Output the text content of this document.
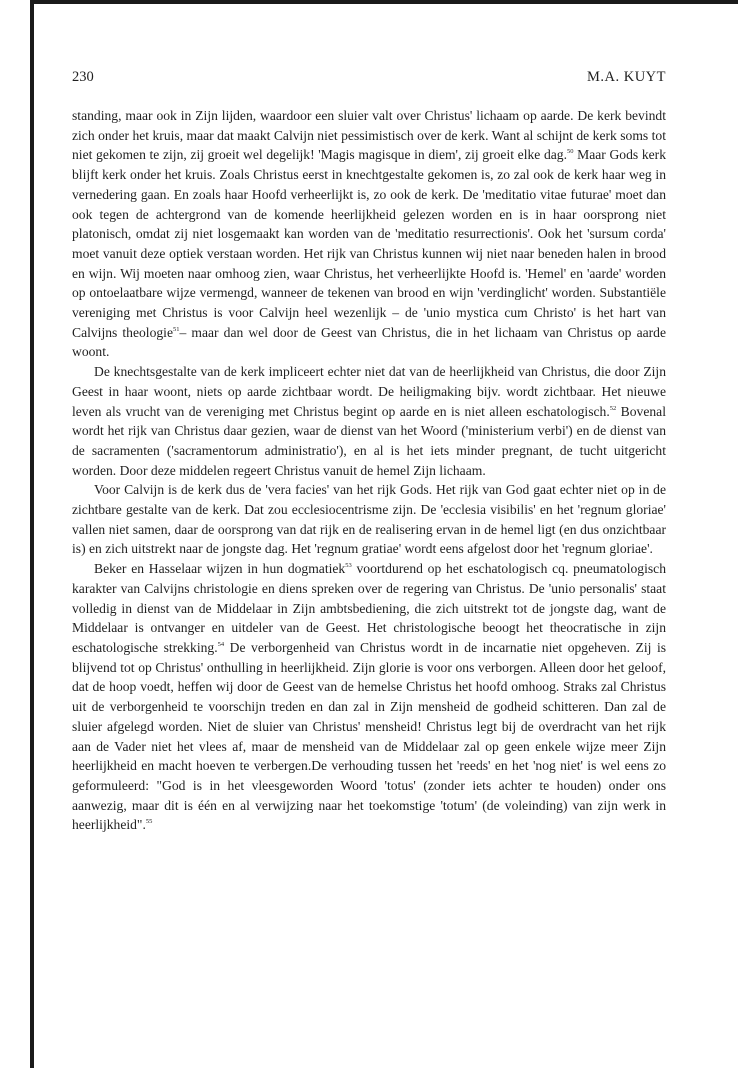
230	M.A. KUYT

standing, maar ook in Zijn lijden, waardoor een sluier valt over Christus' lichaam op aarde. De kerk bevindt zich onder het kruis, maar dat maakt Calvijn niet pessimistisch over de kerk. Want al schijnt de kerk soms tot niet gekomen te zijn, zij groeit wel degelijk! 'Magis magisque in diem', zij groeit elke dag.$^{50}$ Maar Gods kerk blijft kerk onder het kruis. Zoals Christus eerst in knechtgestalte gekomen is, zo zal ook de kerk haar weg in vernedering gaan. En zoals haar Hoofd verheerlijkt is, zo ook de kerk. De 'meditatio vitae futurae' moet dan ook tegen de achtergrond van de komende heerlijkheid gelezen worden en is in haar oorsprong niet platonisch, omdat zij niet losgemaakt kan worden van de 'meditatio resurrectionis'. Ook het 'sursum corda' moet vanuit deze optiek verstaan worden. Het rijk van Christus kunnen wij niet naar beneden halen in brood en wijn. Wij moeten naar omhoog zien, waar Christus, het verheerlijkte Hoofd is. 'Hemel' en 'aarde' worden op ontoelaatbare wijze vermengd, wanneer de tekenen van brood en wijn 'verdinglicht' worden. Substantiële vereniging met Christus is voor Calvijn heel wezenlijk – de 'unio mystica cum Christo' is het hart van Calvijns theologie$^{51}$– maar dan wel door de Geest van Christus, die in het lichaam van Christus op aarde woont.

De knechtsgestalte van de kerk impliceert echter niet dat van de heerlijkheid van Christus, die door Zijn Geest in haar woont, niets op aarde zichtbaar wordt. De heiligmaking bijv. wordt zichtbaar. Het nieuwe leven als vrucht van de vereniging met Christus begint op aarde en is niet alleen eschatologisch.$^{52}$ Bovenal wordt het rijk van Christus daar gezien, waar de dienst van het Woord ('ministerium verbi') en de dienst van de sacramenten ('sacramentorum administratio'), en al is het iets minder pregnant, de tucht uitgericht worden. Door deze middelen regeert Christus vanuit de hemel Zijn lichaam.

Voor Calvijn is de kerk dus de 'vera facies' van het rijk Gods. Het rijk van God gaat echter niet op in de zichtbare gestalte van de kerk. Dat zou ecclesiocentrisme zijn. De 'ecclesia visibilis' en het 'regnum gloriae' vallen niet samen, daar de oorsprong van dat rijk en de realisering ervan in de hemel ligt (en dus onzichtbaar is) en zich uitstrekt naar de jongste dag. Het 'regnum gratiae' wordt eens afgelost door het 'regnum gloriae'.

Beker en Hasselaar wijzen in hun dogmatiek$^{53}$ voortdurend op het eschatologisch cq. pneumatologisch karakter van Calvijns christologie en diens spreken over de regering van Christus. De 'unio personalis' staat volledig in dienst van de Middelaar in Zijn ambtsbediening, die zich uitstrekt tot de jongste dag, want de Middelaar is ontvanger en uitdeler van de Geest. Het christologische beoogt het theocratische in zijn eschatologische strekking.$^{54}$ De verborgenheid van Christus wordt in de incarnatie niet opgeheven. Zij is blijvend tot op Christus' onthulling in heerlijkheid. Zijn glorie is voor ons verborgen. Alleen door het geloof, dat de hoop voedt, heffen wij door de Geest van de hemelse Christus het hoofd omhoog. Straks zal Christus uit de verborgenheid te voorschijn treden en dan zal in Zijn mensheid de godheid schitteren. Dan zal de sluier afgelegd worden. Niet de sluier van Christus' mensheid! Christus legt bij de overdracht van het rijk aan de Vader niet het vlees af, maar de mensheid van de Middelaar zal op geen enkele wijze meer Zijn heerlijkheid en macht hoeven te verbergen.De verhouding tussen het 'reeds' en het 'nog niet' is wel eens zo geformuleerd: "God is in het vleesgeworden Woord 'totus' (zonder iets achter te houden) onder ons aanwezig, maar dit is één en al verwijzing naar het toekomstige 'totum' (de voleinding) van zijn werk in heerlijkheid".$^{55}$
